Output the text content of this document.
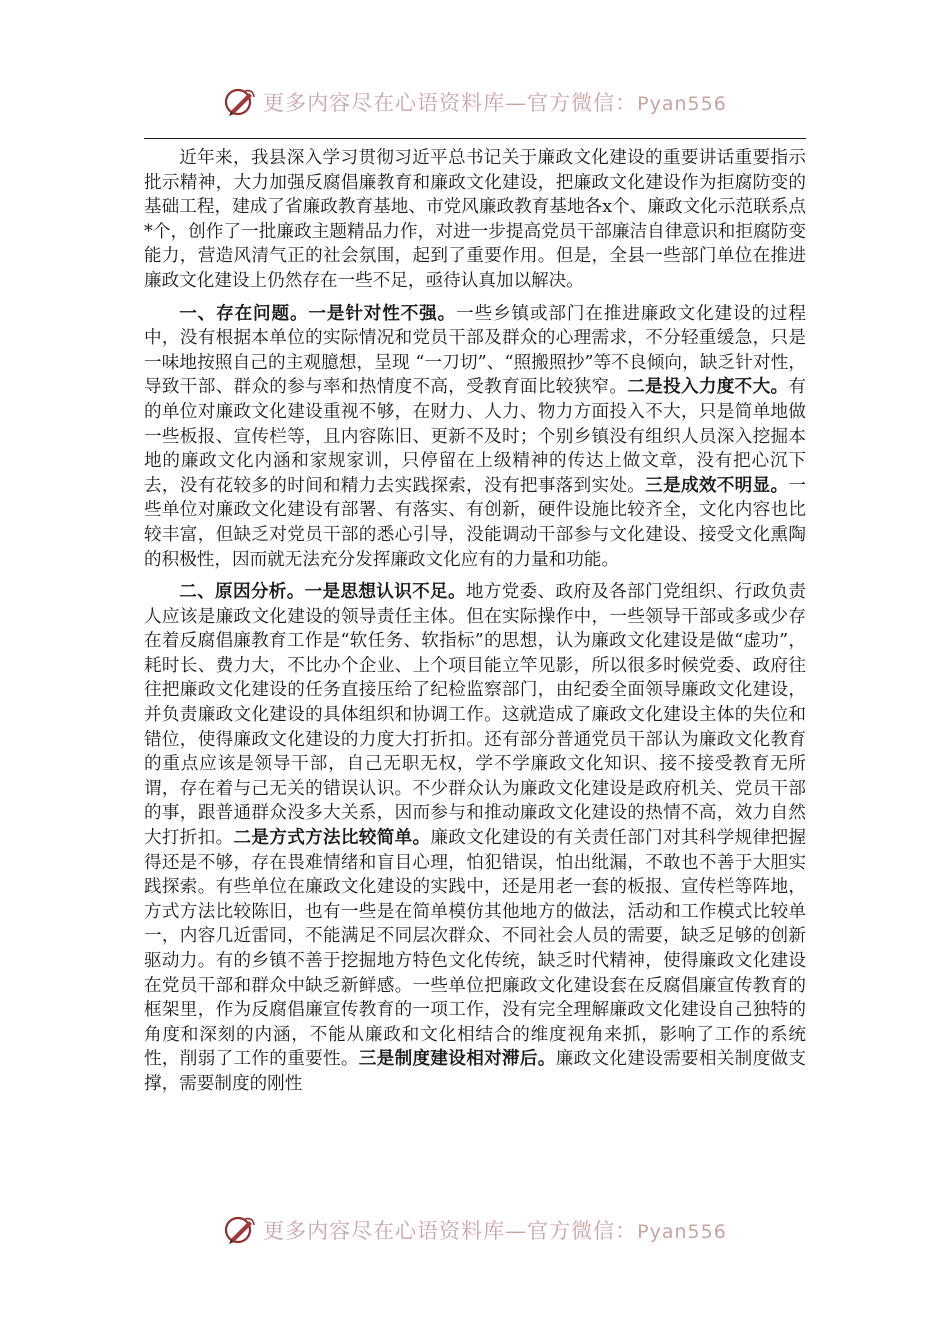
更多内容尽在心语资料库—官方微信：Pyan556

近年来，我县深入学习贯彻习近平总书记关于廉政文化建设的重要讲话重要指示批示精神，大力加强反腐倡廉教育和廉政文化建设，把廉政文化建设作为拒腐防变的基础工程，建成了省廉政教育基地、市党风廉政教育基地各x个、廉政文化示范联系点*个，创作了一批廉政主题精品力作，对进一步提高党员干部廉洁自律意识和拒腐防变能力，营造风清气正的社会氛围，起到了重要作用。但是，全县一些部门单位在推进廉政文化建设上仍然存在一些不足，亟待认真加以解决。

一、存在问题。一是针对性不强。一些乡镇或部门在推进廉政文化建设的过程中，没有根据本单位的实际情况和党员干部及群众的心理需求，不分轻重缓急，只是一味地按照自己的主观臆想，呈现 “一刀切”、“照搬照抄”等不良倾向，缺乏针对性，导致干部、群众的参与率和热情度不高，受教育面比较狭窄。二是投入力度不大。有的单位对廉政文化建设重视不够，在财力、人力、物力方面投入不大，只是简单地做一些板报、宣传栏等，且内容陈旧、更新不及时；个别乡镇没有组织人员深入挖掘本地的廉政文化内涵和家规家训，只停留在上级精神的传达上做文章，没有把心沉下去，没有花较多的时间和精力去实践探索，没有把事落到实处。三是成效不明显。一些单位对廉政文化建设有部署、有落实、有创新，硬件设施比较齐全，文化内容也比较丰富，但缺乏对党员干部的悉心引导，没能调动干部参与文化建设、接受文化熏陶的积极性，因而就无法充分发挥廉政文化应有的力量和功能。

二、原因分析。一是思想认识不足。地方党委、政府及各部门党组织、行政负责人应该是廉政文化建设的领导责任主体。但在实际操作中，一些领导干部或多或少存在着反腐倡廉教育工作是“软任务、软指标”的思想，认为廉政文化建设是做“虚功”，耗时长、费力大，不比办个企业、上个项目能立竿见影，所以很多时候党委、政府往往把廉政文化建设的任务直接压给了纪检监察部门，由纪委全面领导廉政文化建设，并负责廉政文化建设的具体组织和协调工作。这就造成了廉政文化建设主体的失位和错位，使得廉政文化建设的力度大打折扣。还有部分普通党员干部认为廉政文化教育的重点应该是领导干部，自己无职无权，学不学廉政文化知识、接不接受教育无所谓，存在着与己无关的错误认识。不少群众认为廉政文化建设是政府机关、党员干部的事，跟普通群众没多大关系，因而参与和推动廉政文化建设的热情不高，效力自然大打折扣。二是方式方法比较简单。廉政文化建设的有关责任部门对其科学规律把握得还是不够，存在畏难情绪和盲目心理，怕犯错误，怕出纰漏，不敢也不善于大胆实践探索。有些单位在廉政文化建设的实践中，还是用老一套的板报、宣传栏等阵地，方式方法比较陈旧，也有一些是在简单模仿其他地方的做法，活动和工作模式比较单一，内容几近雷同，不能满足不同层次群众、不同社会人员的需要，缺乏足够的创新驱动力。有的乡镇不善于挖掘地方特色文化传统，缺乏时代精神，使得廉政文化建设在党员干部和群众中缺乏新鲜感。一些单位把廉政文化建设套在反腐倡廉宣传教育的框架里，作为反腐倡廉宣传教育的一项工作，没有完全理解廉政文化建设自己独特的角度和深刻的内涵，不能从廉政和文化相结合的维度视角来抓，影响了工作的系统性，削弱了工作的重要性。三是制度建设相对滞后。廉政文化建设需要相关制度做支撑，需要制度的刚性

更多内容尽在心语资料库—官方微信：Pyan556
